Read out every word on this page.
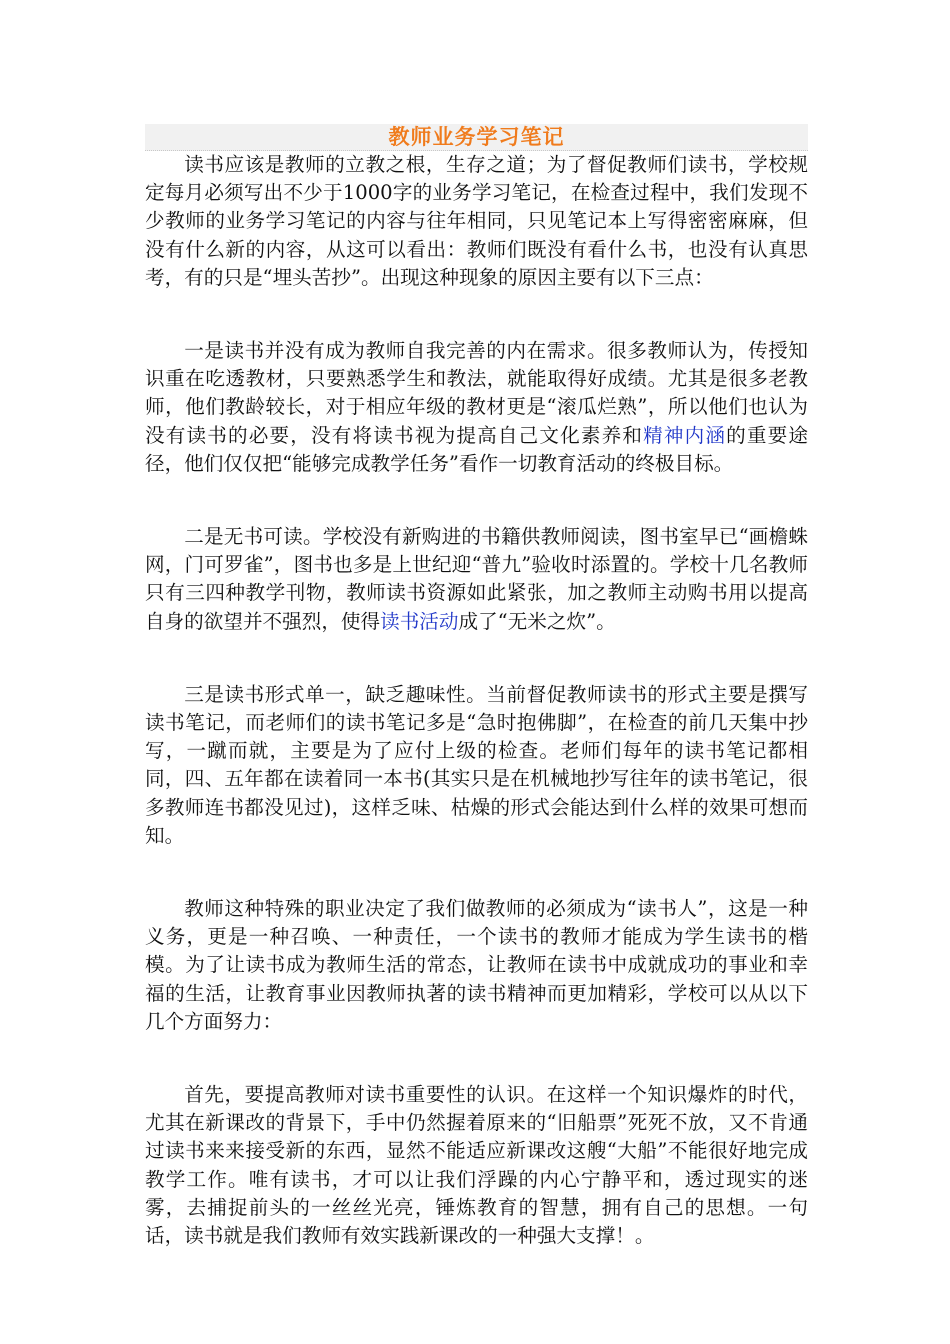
教师业务学习笔记

读书应该是教师的立教之根，生存之道；为了督促教师们读书，学校规定每月必须写出不少于1000字的业务学习笔记，在检查过程中，我们发现不少教师的业务学习笔记的内容与往年相同，只见笔记本上写得密密麻麻，但没有什么新的内容，从这可以看出：教师们既没有看什么书，也没有认真思考，有的只是“埋头苦抄”。出现这种现象的原因主要有以下三点：

一是读书并没有成为教师自我完善的内在需求。很多教师认为，传授知识重在吃透教材，只要熟悉学生和教法，就能取得好成绩。尤其是很多老教师，他们教龄较长，对于相应年级的教材更是“滚瓜烂熟”，所以他们也认为没有读书的必要，没有将读书视为提高自己文化素养和精神内涵的重要途径，他们仅仅把“能够完成教学任务”看作一切教育活动的终极目标。

二是无书可读。学校没有新购进的书籍供教师阅读，图书室早已“画檐蛛网，门可罗雀”，图书也多是上世纪迎“普九”验收时添置的。学校十几名教师只有三四种教学刊物，教师读书资源如此紧张，加之教师主动购书用以提高自身的欲望并不强烈，使得读书活动成了“无米之炊”。

三是读书形式单一，缺乏趣味性。当前督促教师读书的形式主要是撰写读书笔记，而老师们的读书笔记多是“急时抱佛脚”，在检查的前几天集中抄写，一蹴而就，主要是为了应付上级的检查。老师们每年的读书笔记都相同，四、五年都在读着同一本书(其实只是在机械地抄写往年的读书笔记，很多教师连书都没见过)，这样乏味、枯燥的形式会能达到什么样的效果可想而知。

教师这种特殊的职业决定了我们做教师的必须成为“读书人”，这是一种义务，更是一种召唤、一种责任，一个读书的教师才能成为学生读书的楷模。为了让读书成为教师生活的常态，让教师在读书中成就成功的事业和幸福的生活，让教育事业因教师执著的读书精神而更加精彩，学校可以从以下几个方面努力：

首先，要提高教师对读书重要性的认识。在这样一个知识爆炸的时代，尤其在新课改的背景下，手中仍然握着原来的“旧船票”死死不放，又不肯通过读书来来接受新的东西，显然不能适应新课改这艘“大船”不能很好地完成教学工作。唯有读书，才可以让我们浮躁的内心宁静平和，透过现实的迷雾，去捕捉前头的一丝丝光亮，锤炼教育的智慧，拥有自己的思想。一句话，读书就是我们教师有效实践新课改的一种强大支撑！。
